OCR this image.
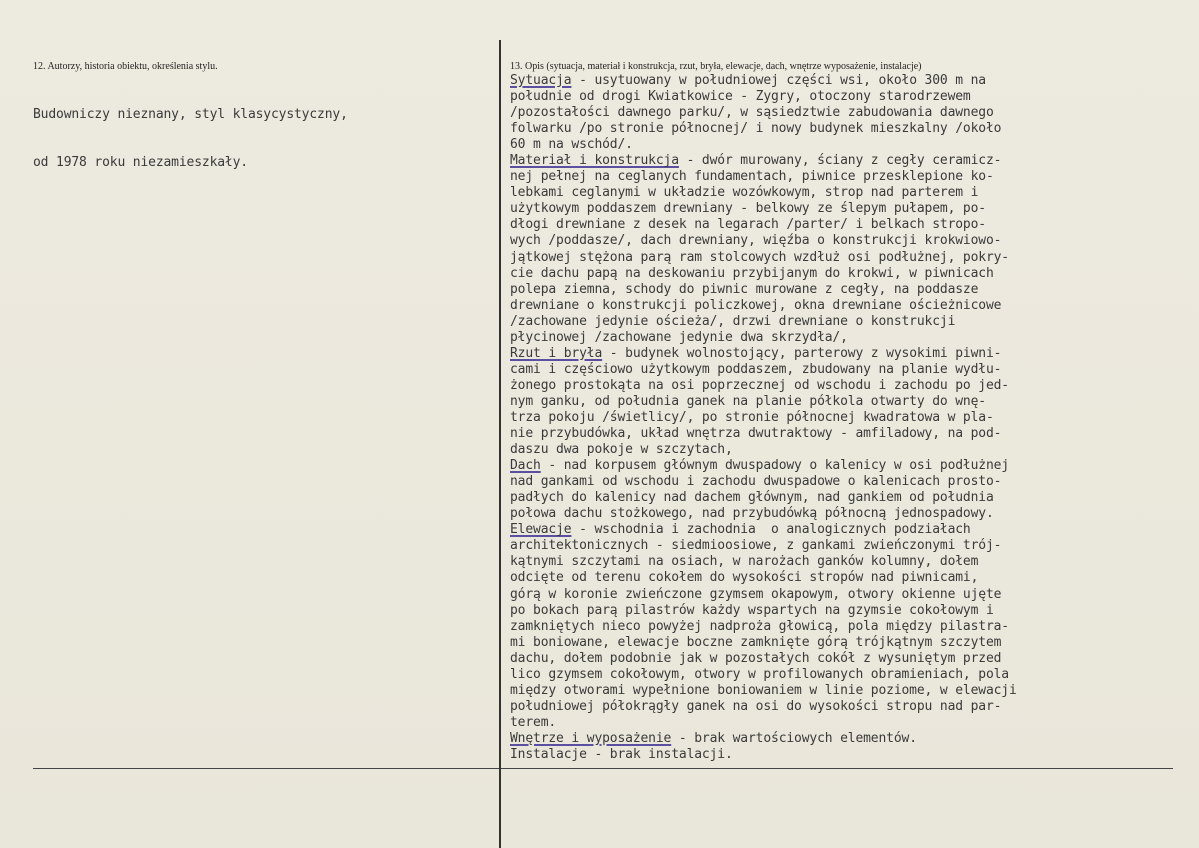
12. Autorzy, historia obiektu, określenia stylu.

Budowniczy nieznany, styl klasycystyczny,

od 1978 roku niezamieszkały.

13. Opis (sytuacja, materiał i konstrukcja, rzut, bryła, elewacje, dach, wnętrze wyposażenie, instalacje)
Sytuacja - usytuowany w południowej części wsi, około 300 m na
południe od drogi Kwiatkowice - Zygry, otoczony starodrzewem
/pozostałości dawnego parku/, w sąsiedztwie zabudowania dawnego
folwarku /po stronie północnej/ i nowy budynek mieszkalny /około
60 m na wschód/.
Materiał i konstrukcja - dwór murowany, ściany z cegły ceramicz-
nej pełnej na ceglanych fundamentach, piwnice przesklepione ko-
lebkami ceglanymi w układzie wozówkowym, strop nad parterem i
użytkowym poddaszem drewniany - belkowy ze ślepym pułapem, po-
dłogi drewniane z desek na legarach /parter/ i belkach stropo-
wych /poddasze/, dach drewniany, więźba o konstrukcji krokwiowo-
jątkowej stężona parą ram stolcowych wzdłuż osi podłużnej, pokry-
cie dachu papą na deskowaniu przybijanym do krokwi, w piwnicach
polepa ziemna, schody do piwnic murowane z cegły, na poddasze
drewniane o konstrukcji policzkowej, okna drewniane ościeżnicowe
/zachowane jedynie ościeża/, drzwi drewniane o konstrukcji
płycinowej /zachowane jedynie dwa skrzydła/,
Rzut i bryła - budynek wolnostojący, parterowy z wysokimi piwni-
cami i częściowo użytkowym poddaszem, zbudowany na planie wydłu-
żonego prostokąta na osi poprzecznej od wschodu i zachodu po jed-
nym ganku, od południa ganek na planie półkola otwarty do wnę-
trza pokoju /świetlicy/, po stronie północnej kwadratowa w pla-
nie przybudówka, układ wnętrza dwutraktowy - amfiladowy, na pod-
daszu dwa pokoje w szczytach,
Dach - nad korpusem głównym dwuspadowy o kalenicy w osi podłużnej
nad gankami od wschodu i zachodu dwuspadowe o kalenicach prosto-
padłych do kalenicy nad dachem głównym, nad gankiem od południa
połowa dachu stożkowego, nad przybudówką północną jednospadowy.
Elewacje - wschodnia i zachodnia  o analogicznych podziałach
architektonicznych - siedmioosiowe, z gankami zwieńczonymi trój-
kątnymi szczytami na osiach, w narożach ganków kolumny, dołem
odcięte od terenu cokołem do wysokości stropów nad piwnicami,
górą w koronie zwieńczone gzymsem okapowym, otwory okienne ujęte
po bokach parą pilastrów każdy wspartych na gzymsie cokołowym i
zamkniętych nieco powyżej nadproża głowicą, pola między pilastra-
mi boniowane, elewacje boczne zamknięte górą trójkątnym szczytem
dachu, dołem podobnie jak w pozostałych cokół z wysuniętym przed
lico gzymsem cokołowym, otwory w profilowanych obramieniach, pola
między otworami wypełnione boniowaniem w linie poziome, w elewacji
południowej półokrągły ganek na osi do wysokości stropu nad par-
terem.
Wnętrze i wyposażenie - brak wartościowych elementów.
Instalacje - brak instalacji.
